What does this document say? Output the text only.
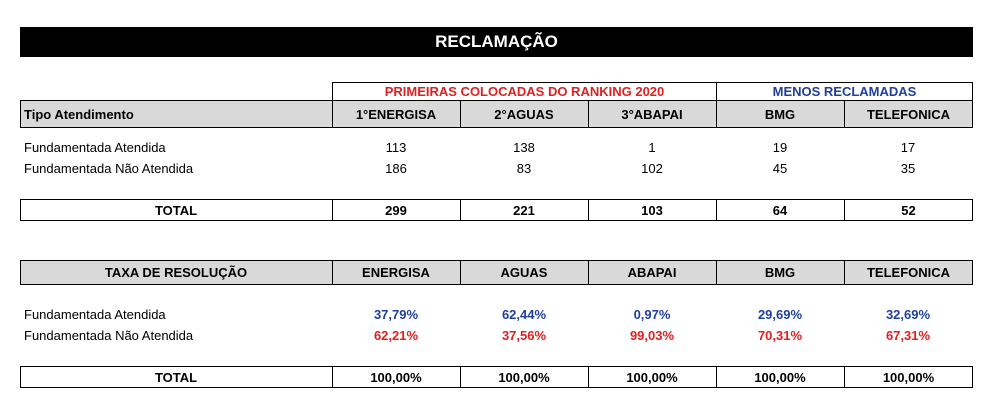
RECLAMAÇÃO
PRIMEIRAS COLOCADAS DO RANKING 2020	MENOS RECLAMADAS
Tipo Atendimento	1°ENERGISA	2°AGUAS	3°ABAPAI	BMG	TELEFONICA
Fundamentada Atendida	113	138	1	19	17
Fundamentada Não Atendida	186	83	102	45	35
TOTAL	299	221	103	64	52
TAXA DE RESOLUÇÃO	ENERGISA	AGUAS	ABAPAI	BMG	TELEFONICA
Fundamentada Atendida	37,79%	62,44%	0,97%	29,69%	32,69%
Fundamentada Não Atendida	62,21%	37,56%	99,03%	70,31%	67,31%
TOTAL	100,00%	100,00%	100,00%	100,00%	100,00%
